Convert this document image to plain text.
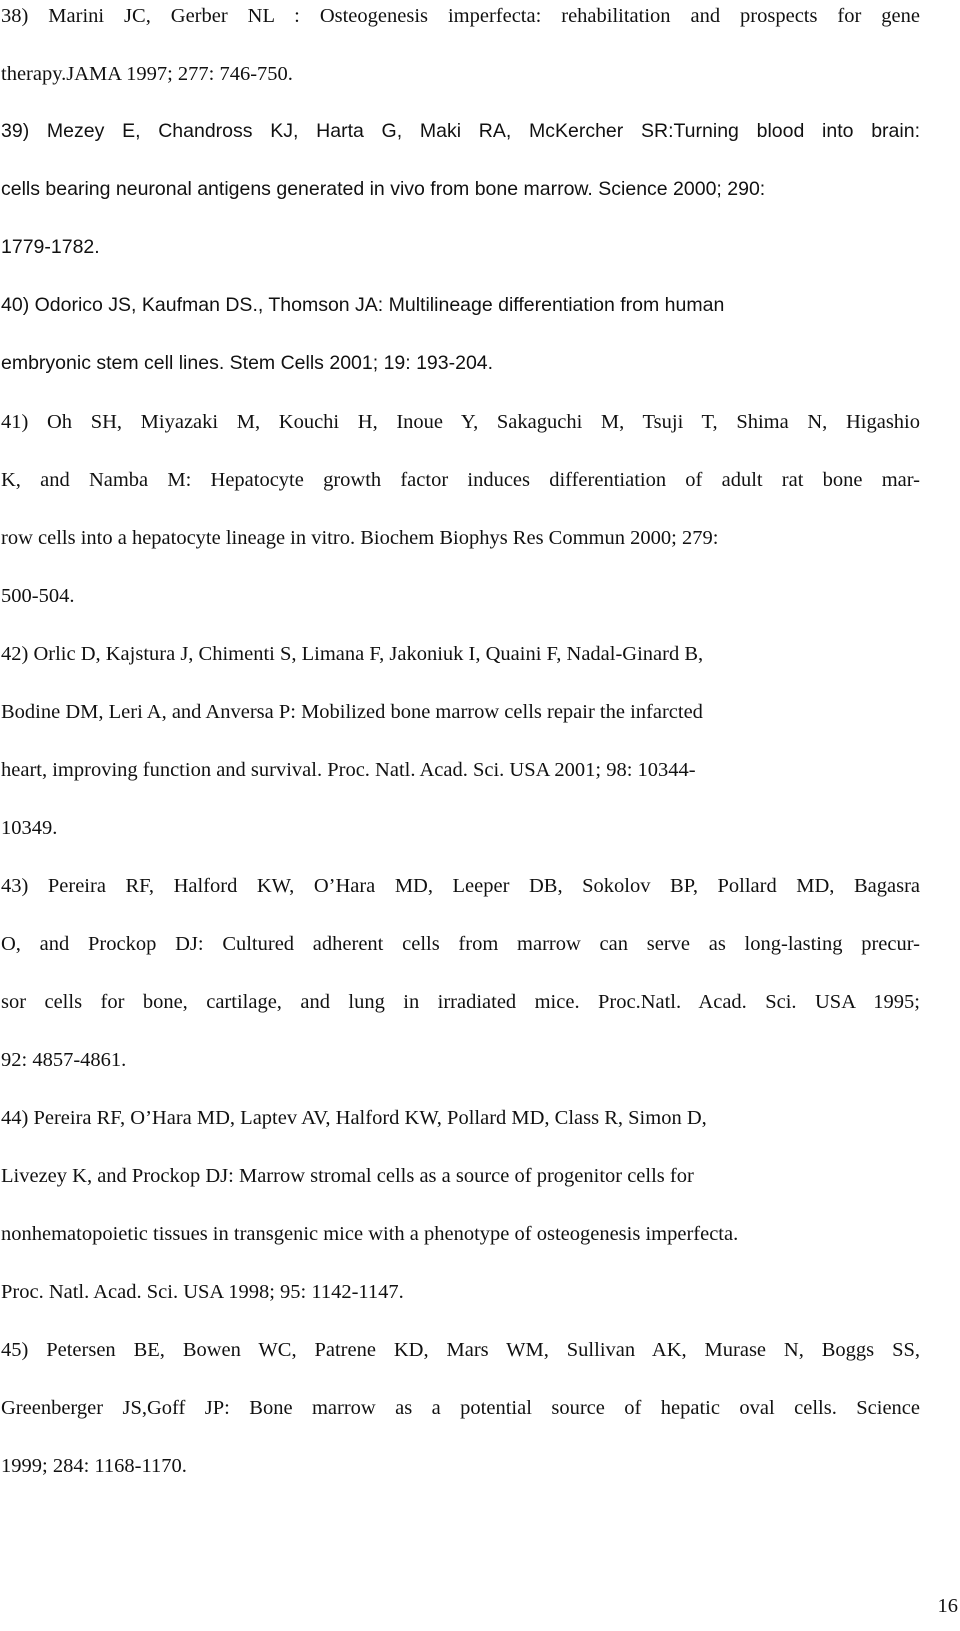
38) Marini JC, Gerber NL : Osteogenesis imperfecta: rehabilitation and prospects for gene
therapy.JAMA 1997; 277: 746-750.
39) Mezey E, Chandross KJ, Harta G, Maki RA, McKercher SR:Turning blood into brain:
cells bearing neuronal antigens generated in vivo from bone marrow. Science 2000; 290:
1779-1782.
40) Odorico JS, Kaufman DS., Thomson JA: Multilineage differentiation from human
embryonic stem cell lines. Stem Cells 2001; 19: 193-204.
41) Oh SH, Miyazaki M, Kouchi H, Inoue Y, Sakaguchi M, Tsuji T, Shima N, Higashio
K, and Namba M: Hepatocyte growth factor induces differentiation of adult rat bone mar-
row cells into a hepatocyte lineage in vitro. Biochem Biophys Res Commun 2000; 279:
500-504.
42) Orlic D, Kajstura J, Chimenti S, Limana F, Jakoniuk I, Quaini F, Nadal-Ginard B,
Bodine DM, Leri A, and Anversa P: Mobilized bone marrow cells repair the infarcted
heart, improving function and survival. Proc. Natl. Acad. Sci. USA 2001; 98: 10344-
10349.
43) Pereira RF, Halford KW, O’Hara MD, Leeper DB, Sokolov BP, Pollard MD, Bagasra
O, and Prockop DJ: Cultured adherent cells from marrow can serve as long-lasting precur-
sor cells for bone, cartilage, and lung in irradiated mice. Proc.Natl. Acad. Sci. USA 1995;
92: 4857-4861.
44) Pereira RF, O’Hara MD, Laptev AV, Halford KW, Pollard MD, Class R, Simon D,
Livezey K, and Prockop DJ: Marrow stromal cells as a source of progenitor cells for
nonhematopoietic tissues in transgenic mice with a phenotype of osteogenesis imperfecta.
Proc. Natl. Acad. Sci. USA 1998; 95: 1142-1147.
45) Petersen BE, Bowen WC, Patrene KD, Mars WM, Sullivan AK, Murase N, Boggs SS,
Greenberger JS,Goff JP: Bone marrow as a potential source of hepatic oval cells. Science
1999; 284: 1168-1170.
16
